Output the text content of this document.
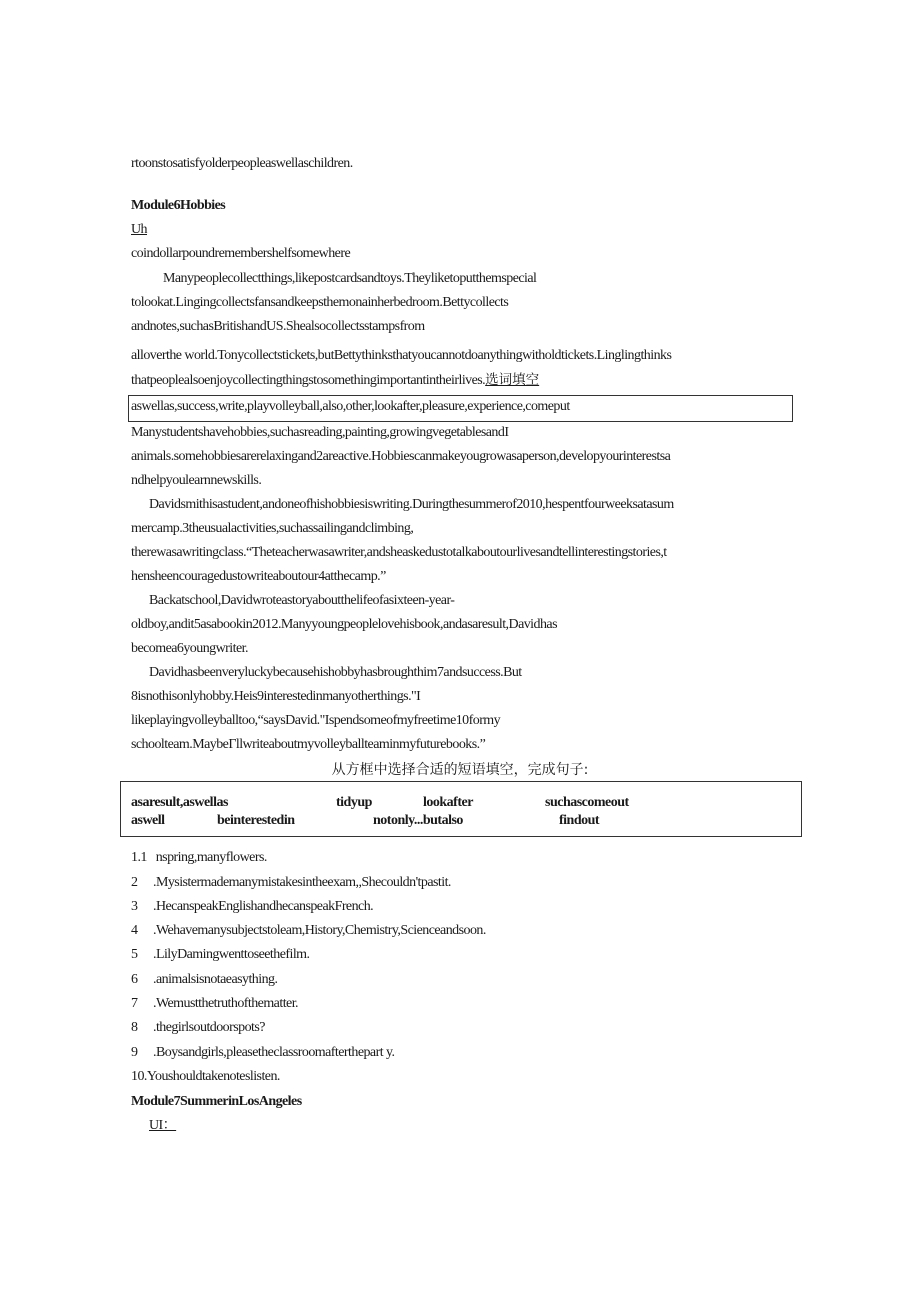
rtoonstosatisfyolderpeopleaswellaschildren.
Module6Hobbies
Uh
coindollarpoundremembershelfsomewhere
Manypeoplecollectthings,likepostcardsandtoys.Theyliketoputthemspecial
tolookat.Lingingcollectsfansandkeepsthemonainherbedroom.Bettycollects
andnotes,suchasBritishandUS.Shealsocollectsstampsfrom
alloverthe world.Tonycollectstickets,butBettythinksthatyoucannotdoanythingwitholdtickets.Linglingthinks
thatpeoplealsoenjoycollectingthingstosomethingimportantintheirlives.选词填空
aswellas,success,write,playvolleyball,also,other,lookafter,pleasure,experience,comeput
Manystudentshavehobbies,suchasreading,painting,growingvegetablesandI
animals.somehobbiesarerelaxingand2areactive.Hobbiescanmakeyougrowasaperson,developyourinterestsa
ndhelpyoulearnnewskills.
Davidsmithisastudent,andoneofhishobbiesiswriting.Duringthesummerof2010,hespentfourweeksatasum
mercamp.3theusualactivities,suchassailingandclimbing,
therewasawritingclass.“Theteacherwasawriter,andsheaskedustotalkaboutourlivesandtellinterestingstories,t
hensheencouragedustowriteaboutour4atthecamp.”
Backatschool,Davidwroteastoryaboutthelifeofasixteen-year-
oldboy,andit5asabookin2012.Manyyoungpeoplelovehisbook,andasaresult,Davidhas
becomea6youngwriter.
Davidhasbeenveryluckybecausehishobbyhasbroughthim7andsuccess.But
8isnothisonlyhobby.Heis9interestedinmanyotherthings."I
likeplayingvolleyballtoo,“saysDavid."Ispendsomeofmyfreetime10formy
schoolteam.MaybeΓllwriteaboutmyvolleyballteaminmyfuturebooks.”
从方框中选择合适的短语填空，完成句子:
asaresult,aswellas	tidyup	lookafter	suchascomeout
aswell	beinterestedin	notonly...butalso	findout
1.1 nspring,manyflowers.
2 .Mysistermademanymistakesintheexam,,Shecouldn'tpastit.
3 .HecanspeakEnglishandhecanspeakFrench.
4 .Wehavemanysubjectstoleam,History,Chemistry,Scienceandsoon.
5 .LilyDamingwenttoseethefilm.
6 .animalsisnotaeasything.
7 .Wemustthetruthofthematter.
8 .thegirlsoutdoorspots?
9 .Boysandgirls,pleasetheclassroomafterthepart y.
10.Youshouldtakenoteslisten.
Module7SummerinLosAngeles
UI：
